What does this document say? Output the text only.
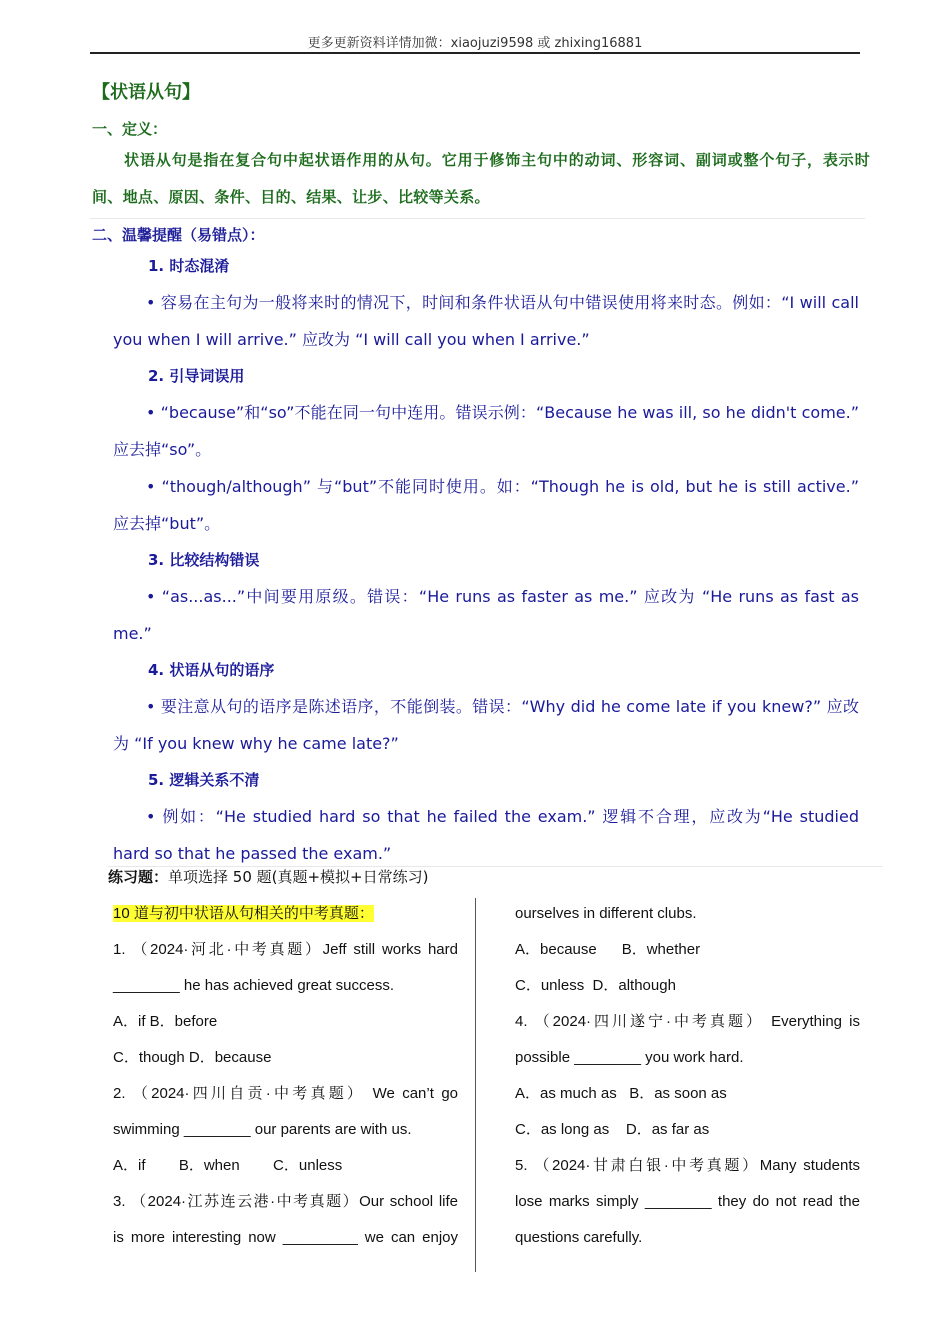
更多更新资料详情加微：xiaojuzi9598 或 zhixing16881
【状语从句】
一、定义：
状语从句是指在复合句中起状语作用的从句。它用于修饰主句中的动词、形容词、副词或整个句子，表示时间、地点、原因、条件、目的、结果、让步、比较等关系。
二、温馨提醒（易错点）：
1. 时态混淆
• 容易在主句为一般将来时的情况下，时间和条件状语从句中错误使用将来时态。例如：“I will call you when I will arrive.” 应改为 “I will call you when I arrive.”
2. 引导词误用
• “because”和“so”不能在同一句中连用。错误示例：“Because he was ill, so he didn't come.” 应去掉“so”。
• “though/although” 与“but”不能同时使用。如：“Though he is old, but he is still active.” 应去掉“but”。
3. 比较结构错误
• “as...as...”中间要用原级。错误：“He runs as faster as me.” 应改为 “He runs as fast as me.”
4. 状语从句的语序
• 要注意从句的语序是陈述语序，不能倒装。错误：“Why did he come late if you knew?” 应改为 “If you knew why he came late?”
5. 逻辑关系不清
• 例如：“He studied hard so that he failed the exam.” 逻辑不合理，应改为“He studied hard so that he passed the exam.”
练习题：单项选择 50 题(真题+模拟+日常练习)
10 道与初中状语从句相关的中考真题：
1. （2024·河北·中考真题）Jeff still works hard
________ he has achieved great success.
A．if B．before
C．though D．because
2. （2024·四川自贡·中考真题） We can’t go
swimming ________ our parents are with us.
A．if        B．when        C．unless
3. （2024·江苏连云港·中考真题）Our school life
is more interesting now _________ we can enjoy
ourselves in different clubs.
A．because      B．whether
C．unless  D．although
4. （2024·四川遂宁·中考真题） Everything is
possible ________ you work hard.
A．as much as   B．as soon as
C．as long as    D．as far as
5. （2024·甘肃白银·中考真题）Many students
lose marks simply ________ they do not read the
questions carefully.
